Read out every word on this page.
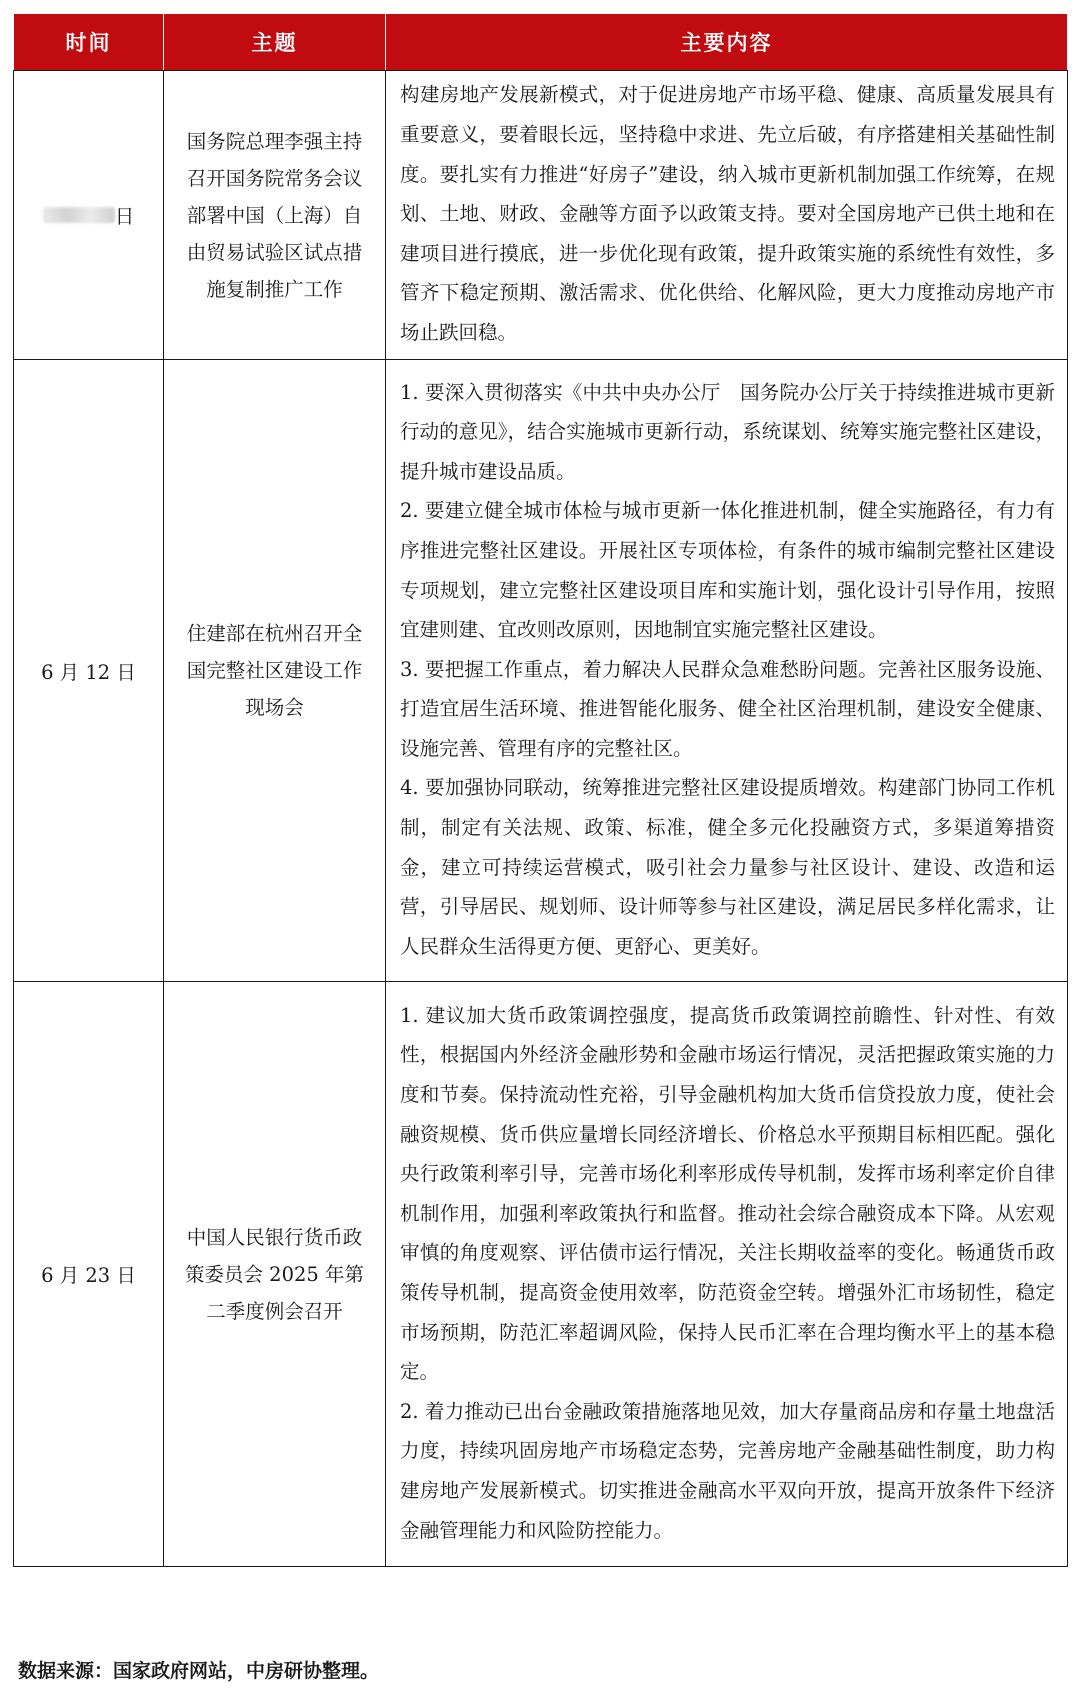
时间	主题	主要内容
日	国务院总理李强主持召开国务院常务会议 部署中国（上海）自由贸易试验区试点措施复制推广工作	构建房地产发展新模式，对于促进房地产市场平稳、健康、高质量发展具有重要意义，要着眼长远，坚持稳中求进、先立后破，有序搭建相关基础性制度。要扎实有力推进“好房子”建设，纳入城市更新机制加强工作统筹，在规划、土地、财政、金融等方面予以政策支持。要对全国房地产已供土地和在建项目进行摸底，进一步优化现有政策，提升政策实施的系统性有效性，多管齐下稳定预期、激活需求、优化供给、化解风险，更大力度推动房地产市场止跌回稳。

6 月 12 日	住建部在杭州召开全国完整社区建设工作现场会	1. 要深入贯彻落实《中共中央办公厅　国务院办公厅关于持续推进城市更新行动的意见》，结合实施城市更新行动，系统谋划、统筹实施完整社区建设，提升城市建设品质。

2. 要建立健全城市体检与城市更新一体化推进机制，健全实施路径，有力有序推进完整社区建设。开展社区专项体检，有条件的城市编制完整社区建设专项规划，建立完整社区建设项目库和实施计划，强化设计引导作用，按照宜建则建、宜改则改原则，因地制宜实施完整社区建设。

3. 要把握工作重点，着力解决人民群众急难愁盼问题。完善社区服务设施、打造宜居生活环境、推进智能化服务、健全社区治理机制，建设安全健康、设施完善、管理有序的完整社区。

4. 要加强协同联动，统筹推进完整社区建设提质增效。构建部门协同工作机制，制定有关法规、政策、标准，健全多元化投融资方式，多渠道筹措资金，建立可持续运营模式，吸引社会力量参与社区设计、建设、改造和运营，引导居民、规划师、设计师等参与社区建设，满足居民多样化需求，让人民群众生活得更方便、更舒心、更美好。

6 月 23 日	中国人民银行货币政策委员会 2025 年第二季度例会召开	1. 建议加大货币政策调控强度，提高货币政策调控前瞻性、针对性、有效性，根据国内外经济金融形势和金融市场运行情况，灵活把握政策实施的力度和节奏。保持流动性充裕，引导金融机构加大货币信贷投放力度，使社会融资规模、货币供应量增长同经济增长、价格总水平预期目标相匹配。强化央行政策利率引导，完善市场化利率形成传导机制，发挥市场利率定价自律机制作用，加强利率政策执行和监督。推动社会综合融资成本下降。从宏观审慎的角度观察、评估债市运行情况，关注长期收益率的变化。畅通货币政策传导机制，提高资金使用效率，防范资金空转。增强外汇市场韧性，稳定市场预期，防范汇率超调风险，保持人民币汇率在合理均衡水平上的基本稳定。

2. 着力推动已出台金融政策措施落地见效，加大存量商品房和存量土地盘活力度，持续巩固房地产市场稳定态势，完善房地产金融基础性制度，助力构建房地产发展新模式。切实推进金融高水平双向开放，提高开放条件下经济金融管理能力和风险防控能力。

数据来源：国家政府网站，中房研协整理。
